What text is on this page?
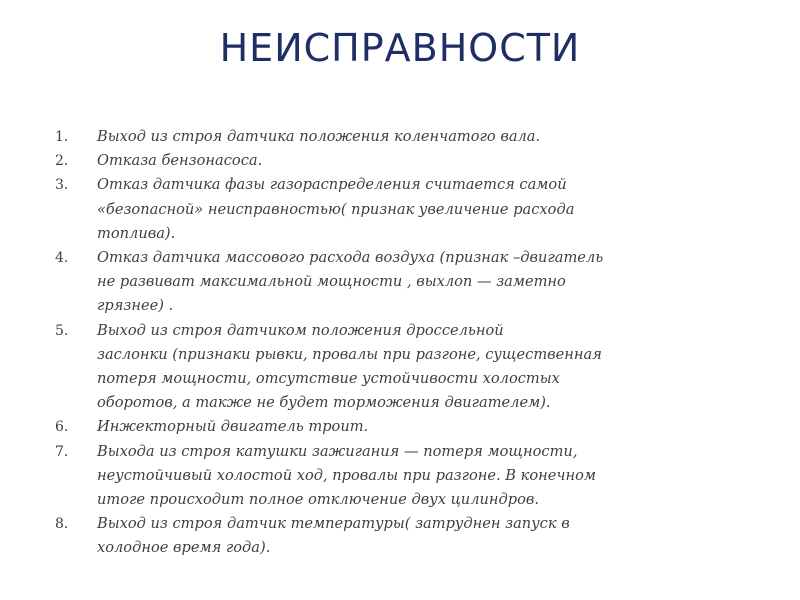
НЕИСПРАВНОСТИ
1.	Выход из строя датчика положения коленчатого вала.
2.	Отказа бензонасоса.
3.	Отказ датчика фазы газораспределения считается самой
«безопасной» неисправностью( признак увеличение расхода
топлива).
4.	Отказ датчика массового расхода воздуха (признак –двигатель
не развиват максимальной мощности , выхлоп — заметно
грязнее) .
5.	Выход из строя датчиком положения дроссельной
заслонки (признаки рывки, провалы при разгоне, существенная
потеря мощности, отсутствие устойчивости холостых
оборотов, а также не будет торможения двигателем).
6.	Инжекторный двигатель троит.
7.	Выхода из строя катушки зажигания — потеря мощности,
неустойчивый холостой ход, провалы при разгоне. В конечном
итоге происходит полное отключение двух цилиндров.
8.	Выход из строя датчик температуры( затруднен запуск в
холодное время года).
